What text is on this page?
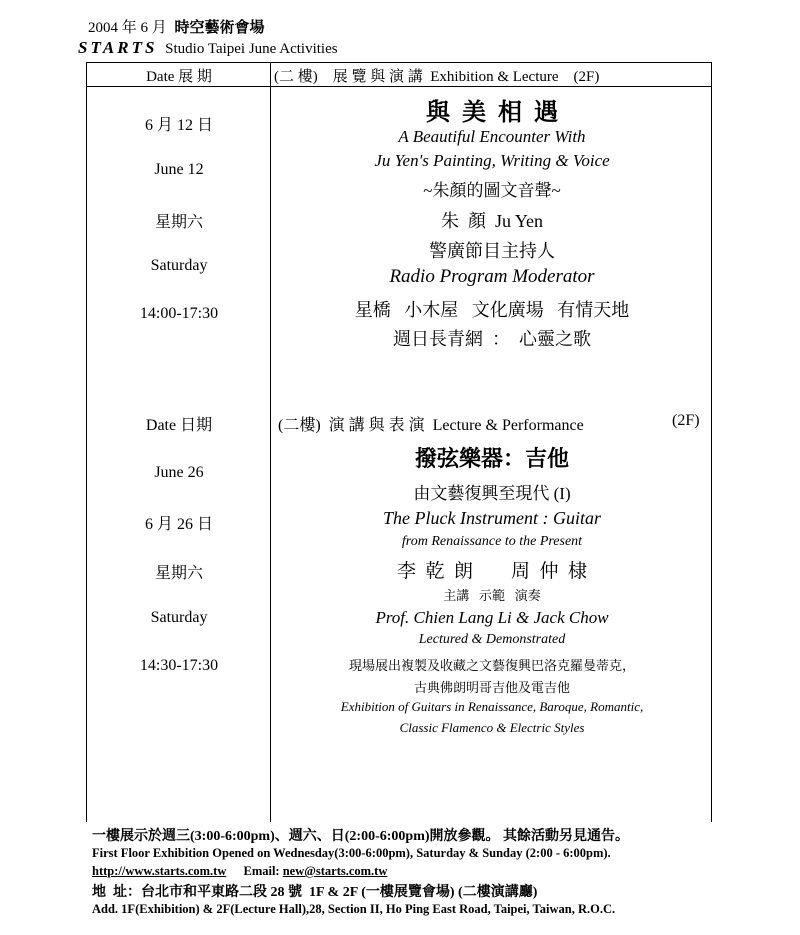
2004 年 6 月 時空藝術會場
STARTS Studio Taipei June Activities
Date 展 期	(二 樓)    展 覽 與 演 講  Exhibition & Lecture    (2F)
6 月 12 日
June 12
星期六
Saturday
14:00-17:30
與  美  相  遇
A Beautiful Encounter With
Ju Yen's Painting, Writing & Voice
~朱顏的圖文音聲~
朱  顏  Ju Yen
警廣節目主持人
Radio Program Moderator
星橋   小木屋   文化廣場   有情天地
週日長青網  ：  心靈之歌
Date 日期
June 26
6 月 26 日
星期六
Saturday
14:30-17:30
(二樓)  演 講 與 表 演  Lecture & Performance	(2F)
撥弦樂器：吉他
由文藝復興至現代 (I)
The Pluck Instrument : Guitar
from Renaissance to the Present
李  乾  朗        周  仲  棣
主講   示範   演奏
Prof. Chien Lang Li & Jack Chow
Lectured & Demonstrated
現場展出複製及收藏之文藝復興巴洛克羅曼蒂克，
古典佛朗明哥吉他及電吉他
Exhibition of Guitars in Renaissance, Baroque, Romantic,
Classic Flamenco & Electric Styles
一樓展示於週三(3:00-6:00pm)、週六、日(2:00-6:00pm)開放參觀。 其餘活動另見通告。
First Floor Exhibition Opened on Wednesday(3:00-6:00pm), Saturday & Sunday (2:00 - 6:00pm).
http://www.starts.com.tw Email: new@starts.com.tw
地  址：台北市和平東路二段 28 號  1F & 2F (一樓展覽會場) (二樓演講廳)
Add. 1F(Exhibition) & 2F(Lecture Hall),28, Section II, Ho Ping East Road, Taipei, Taiwan, R.O.C.
